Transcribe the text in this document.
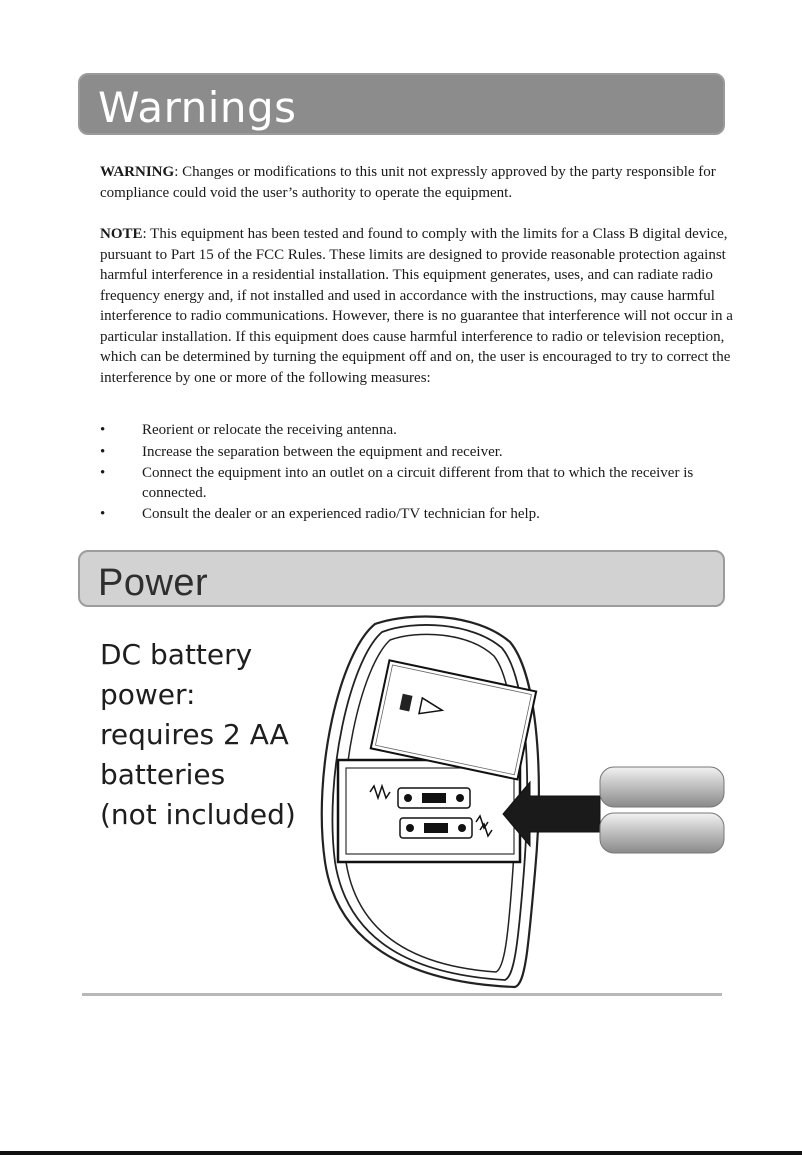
Warnings

WARNING: Changes or modifications to this unit not expressly approved by the party responsible for compliance could void the user’s authority to operate the equipment.

NOTE: This equipment has been tested and found to comply with the limits for a Class B digital device, pursuant to Part 15 of the FCC Rules. These limits are designed to provide reasonable protection against harmful interference in a residential installation. This equipment generates, uses, and can radiate radio frequency energy and, if not installed and used in accordance with the instructions, may cause harmful interference to radio communications. However, there is no guarantee that interference will not occur in a particular installation. If this equipment does cause harmful interference to radio or television reception, which can be determined by turning the equipment off and on, the user is encouraged to try to correct the interference by one or more of the following measures:

• Reorient or relocate the receiving antenna.
• Increase the separation between the equipment and receiver.
• Connect the equipment into an outlet on a circuit different from that to which the receiver is connected.
• Consult the dealer or an experienced radio/TV technician for help.
Power
DC battery
power:
requires 2 AA
batteries
(not included)
